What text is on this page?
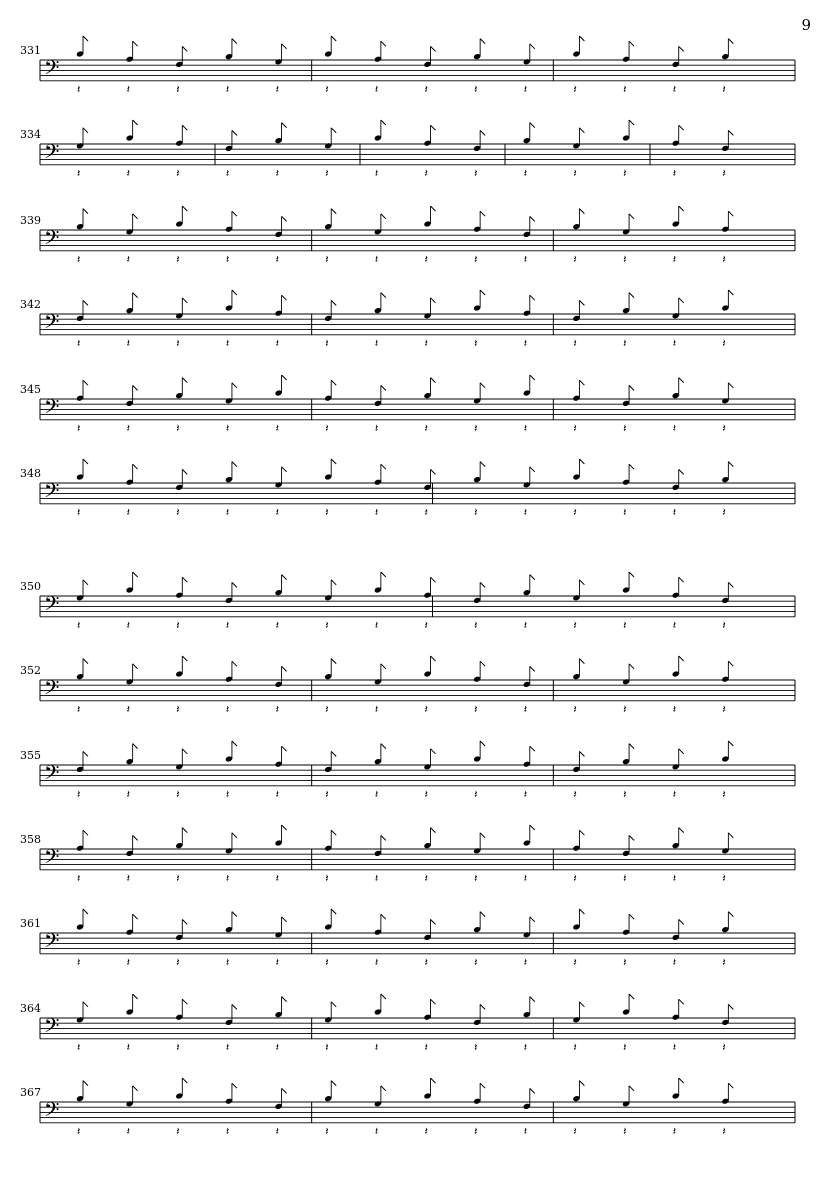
9
331
334
339
342
345
348
350
352
355
358
361
364
367
𝄢
𝄽	𝄽	𝄽	𝄽	𝄽	𝄽	𝄽	𝄽	𝄽	𝄽	𝄽	𝄽	𝄽	𝄽
𝄢
𝄽	𝄽	𝄽	𝄽	𝄽	𝄽	𝄽	𝄽	𝄽	𝄽	𝄽	𝄽	𝄽	𝄽
𝄢
𝄽	𝄽	𝄽	𝄽	𝄽	𝄽	𝄽	𝄽	𝄽	𝄽	𝄽	𝄽	𝄽	𝄽
𝄢
𝄽	𝄽	𝄽	𝄽	𝄽	𝄽	𝄽	𝄽	𝄽	𝄽	𝄽	𝄽	𝄽	𝄽
𝄢
𝄽	𝄽	𝄽	𝄽	𝄽	𝄽	𝄽	𝄽	𝄽	𝄽	𝄽	𝄽	𝄽	𝄽
𝄢
𝄽	𝄽	𝄽	𝄽	𝄽	𝄽	𝄽	𝄽	𝄽	𝄽	𝄽	𝄽	𝄽	𝄽
𝄢
𝄽	𝄽	𝄽	𝄽	𝄽	𝄽	𝄽	𝄽	𝄽	𝄽	𝄽	𝄽	𝄽	𝄽
𝄢
𝄽	𝄽	𝄽	𝄽	𝄽	𝄽	𝄽	𝄽	𝄽	𝄽	𝄽	𝄽	𝄽	𝄽
𝄢
𝄽	𝄽	𝄽	𝄽	𝄽	𝄽	𝄽	𝄽	𝄽	𝄽	𝄽	𝄽	𝄽	𝄽
𝄢
𝄽	𝄽	𝄽	𝄽	𝄽	𝄽	𝄽	𝄽	𝄽	𝄽	𝄽	𝄽	𝄽	𝄽
𝄢
𝄽	𝄽	𝄽	𝄽	𝄽	𝄽	𝄽	𝄽	𝄽	𝄽	𝄽	𝄽	𝄽	𝄽
𝄢
𝄽	𝄽	𝄽	𝄽	𝄽	𝄽	𝄽	𝄽	𝄽	𝄽	𝄽	𝄽	𝄽	𝄽
𝄢
𝄽	𝄽	𝄽	𝄽	𝄽	𝄽	𝄽	𝄽	𝄽	𝄽	𝄽	𝄽	𝄽	𝄽
